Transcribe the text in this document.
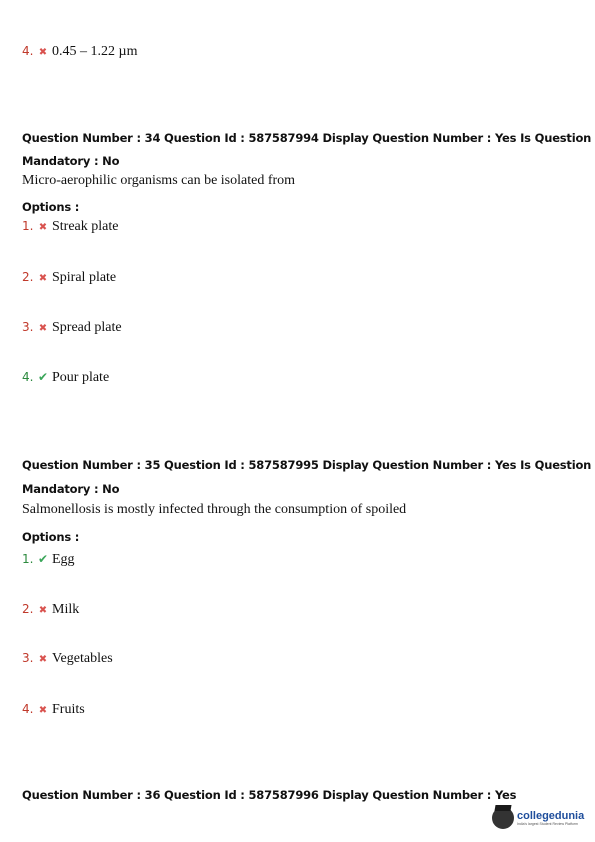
4. ✖ 0.45 – 1.22 µm
Question Number : 34 Question Id : 587587994 Display Question Number : Yes Is Question
Mandatory : No
Micro-aerophilic organisms can be isolated from
Options :
1. ✖ Streak plate
2. ✖ Spiral plate
3. ✖ Spread plate
4. ✔ Pour plate
Question Number : 35 Question Id : 587587995 Display Question Number : Yes Is Question
Mandatory : No
Salmonellosis is mostly infected through the consumption of spoiled
Options :
1. ✔ Egg
2. ✖ Milk
3. ✖ Vegetables
4. ✖ Fruits
Question Number : 36 Question Id : 587587996 Display Question Number : Yes
collegedunia
India's largest Student Review Platform
